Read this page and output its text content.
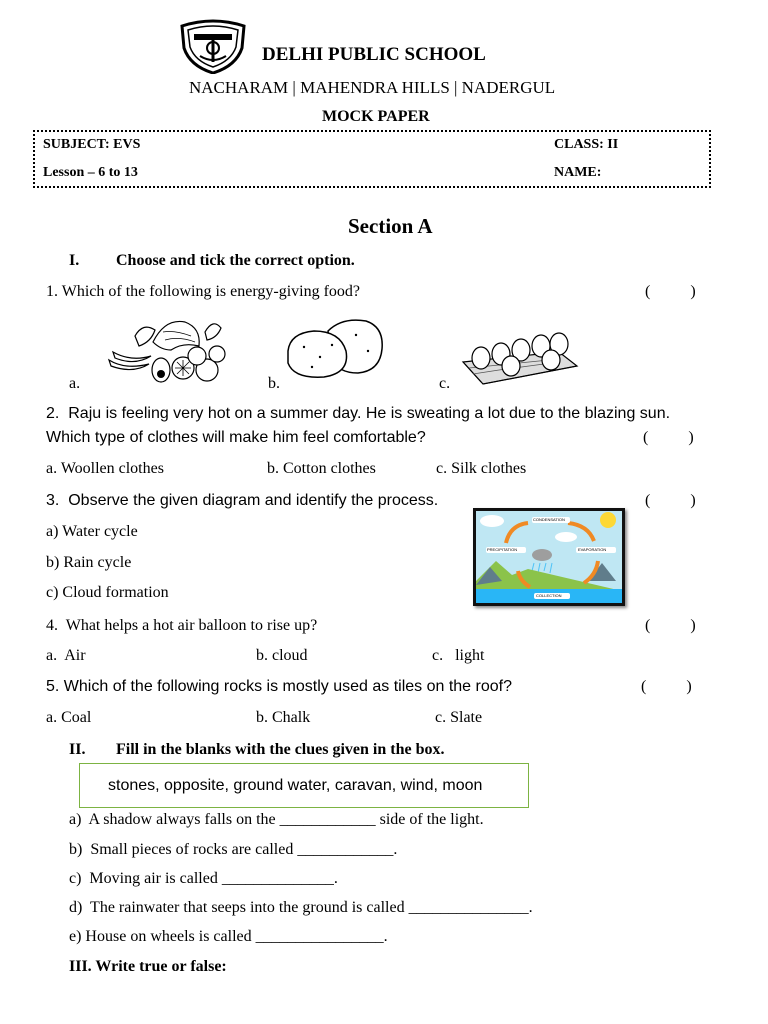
DELHI PUBLIC SCHOOL
NACHARAM | MAHENDRA HILLS | NADERGUL
MOCK PAPER
SUBJECT: EVS	CLASS: II
Lesson – 6 to 13	NAME:
Section A
I. Choose and tick the correct option.
1. Which of the following is energy-giving food?	(          )
a.	b.	c.
2.  Raju is feeling very hot on a summer day. He is sweating a lot due to the blazing sun.
Which type of clothes will make him feel comfortable?	(          )
a. Woollen clothes	b. Cotton clothes	c. Silk clothes
3.  Observe the given diagram and identify the process.	(          )
a) Water cycle
b) Rain cycle
c) Cloud formation
CONDENSATION
PRECIPITATION	EVAPORATION
COLLECTION
4.  What helps a hot air balloon to rise up?	(          )
a.  Air	b. cloud	c.   light
5. Which of the following rocks is mostly used as tiles on the roof?	(          )
a. Coal	b. Chalk	c. Slate
II. Fill in the blanks with the clues given in the box.
stones, opposite, ground water, caravan, wind, moon
a)  A shadow always falls on the ____________ side of the light.
b)  Small pieces of rocks are called ____________.
c)  Moving air is called ______________.
d)  The rainwater that seeps into the ground is called _______________.
e) House on wheels is called ________________.
III. Write true or false:
